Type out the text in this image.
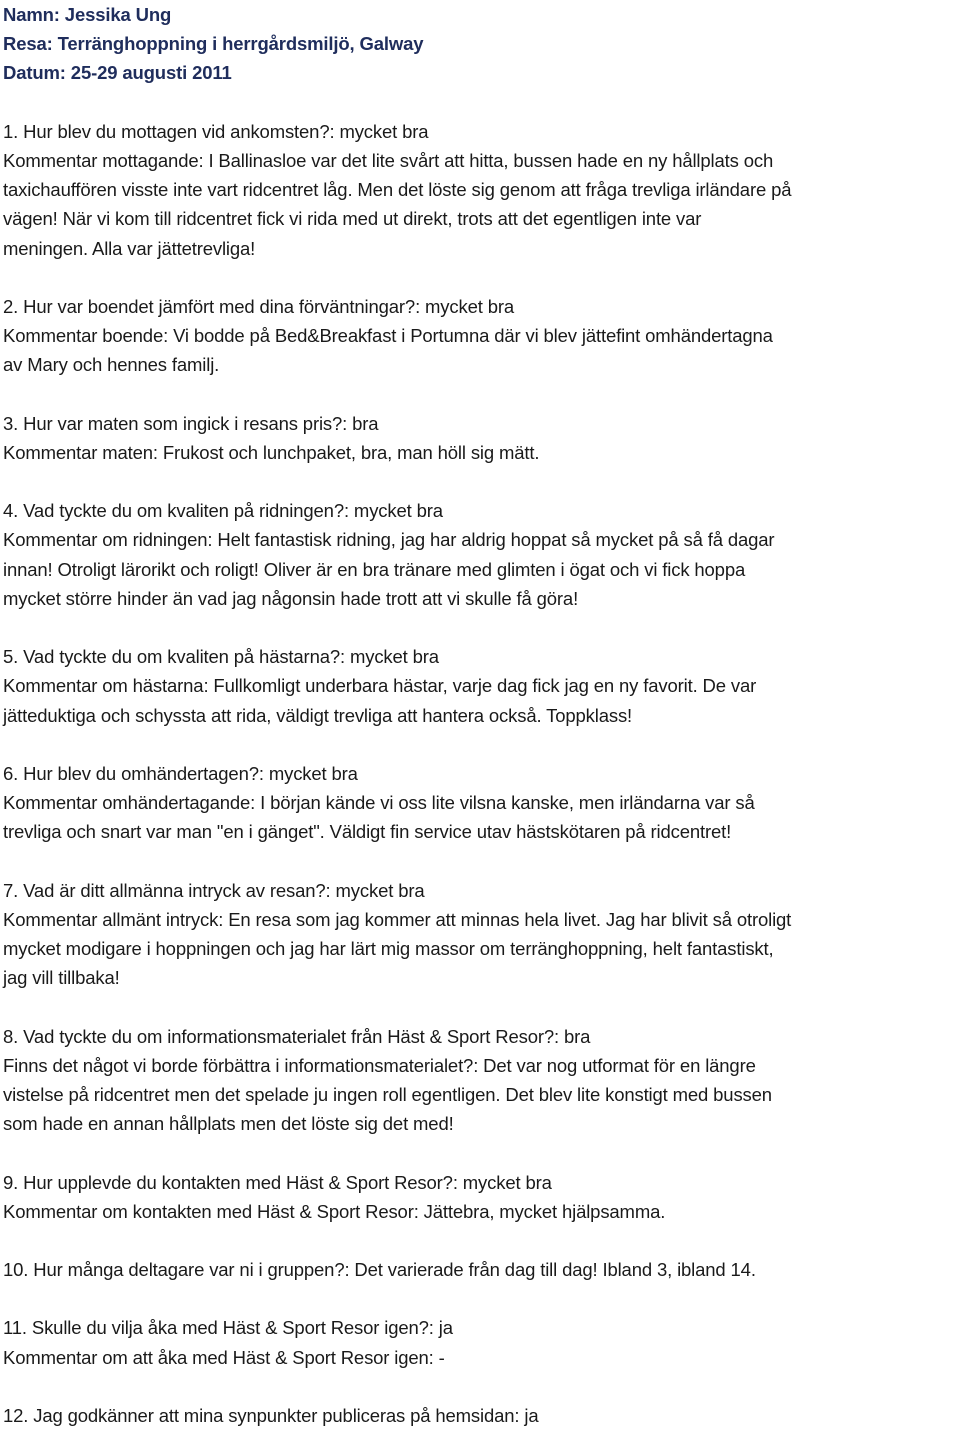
Namn: Jessika Ung
Resa: Terränghoppning i herrgårdsmiljö, Galway
Datum: 25-29 augusti 2011
1. Hur blev du mottagen vid ankomsten?: mycket bra
Kommentar mottagande: I Ballinasloe var det lite svårt att hitta, bussen hade en ny hållplats och
taxichauffören visste inte vart ridcentret låg. Men det löste sig genom att fråga trevliga irländare på
vägen! När vi kom till ridcentret fick vi rida med ut direkt, trots att det egentligen inte var
meningen. Alla var jättetrevliga!
2. Hur var boendet jämfört med dina förväntningar?: mycket bra
Kommentar boende: Vi bodde på Bed&Breakfast i Portumna där vi blev jättefint omhändertagna
av Mary och hennes familj.
3. Hur var maten som ingick i resans pris?: bra
Kommentar maten: Frukost och lunchpaket, bra, man höll sig mätt.
4. Vad tyckte du om kvaliten på ridningen?: mycket bra
Kommentar om ridningen: Helt fantastisk ridning, jag har aldrig hoppat så mycket på så få dagar
innan! Otroligt lärorikt och roligt! Oliver är en bra tränare med glimten i ögat och vi fick hoppa
mycket större hinder än vad jag någonsin hade trott att vi skulle få göra!
5. Vad tyckte du om kvaliten på hästarna?: mycket bra
Kommentar om hästarna: Fullkomligt underbara hästar, varje dag fick jag en ny favorit. De var
jätteduktiga och schyssta att rida, väldigt trevliga att hantera också. Toppklass!
6. Hur blev du omhändertagen?: mycket bra
Kommentar omhändertagande: I början kände vi oss lite vilsna kanske, men irländarna var så
trevliga och snart var man "en i gänget". Väldigt fin service utav hästskötaren på ridcentret!
7. Vad är ditt allmänna intryck av resan?: mycket bra
Kommentar allmänt intryck: En resa som jag kommer att minnas hela livet. Jag har blivit så otroligt
mycket modigare i hoppningen och jag har lärt mig massor om terränghoppning, helt fantastiskt,
jag vill tillbaka!
8. Vad tyckte du om informationsmaterialet från Häst & Sport Resor?: bra
Finns det något vi borde förbättra i informationsmaterialet?: Det var nog utformat för en längre
vistelse på ridcentret men det spelade ju ingen roll egentligen. Det blev lite konstigt med bussen
som hade en annan hållplats men det löste sig det med!
9. Hur upplevde du kontakten med Häst & Sport Resor?: mycket bra
Kommentar om kontakten med Häst & Sport Resor: Jättebra, mycket hjälpsamma.
10. Hur många deltagare var ni i gruppen?: Det varierade från dag till dag! Ibland 3, ibland 14.
11. Skulle du vilja åka med Häst & Sport Resor igen?: ja
Kommentar om att åka med Häst & Sport Resor igen: -
12. Jag godkänner att mina synpunkter publiceras på hemsidan: ja
